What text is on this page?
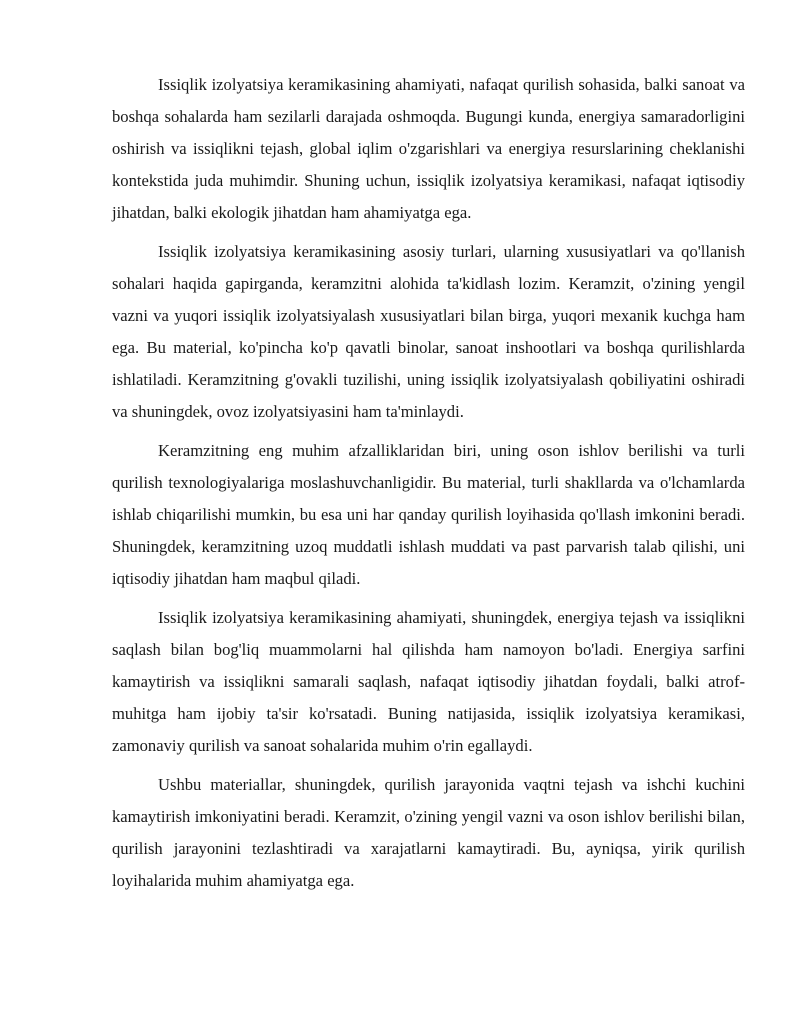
Issiqlik izolyatsiya keramikasining ahamiyati, nafaqat qurilish sohasida, balki sanoat va boshqa sohalarda ham sezilarli darajada oshmoqda. Bugungi kunda, energiya samaradorligini oshirish va issiqlikni tejash, global iqlim o'zgarishlari va energiya resurslarining cheklanishi kontekstida juda muhimdir. Shuning uchun, issiqlik izolyatsiya keramikasi, nafaqat iqtisodiy jihatdan, balki ekologik jihatdan ham ahamiyatga ega.

Issiqlik izolyatsiya keramikasining asosiy turlari, ularning xususiyatlari va qo'llanish sohalari haqida gapirganda, keramzitni alohida ta'kidlash lozim. Keramzit, o'zining yengil vazni va yuqori issiqlik izolyatsiyalash xususiyatlari bilan birga, yuqori mexanik kuchga ham ega. Bu material, ko'pincha ko'p qavatli binolar, sanoat inshootlari va boshqa qurilishlarda ishlatiladi. Keramzitning g'ovakli tuzilishi, uning issiqlik izolyatsiyalash qobiliyatini oshiradi va shuningdek, ovoz izolyatsiyasini ham ta'minlaydi.

Keramzitning eng muhim afzalliklaridan biri, uning oson ishlov berilishi va turli qurilish texnologiyalariga moslashuvchanligidir. Bu material, turli shakllarda va o'lchamlarda ishlab chiqarilishi mumkin, bu esa uni har qanday qurilish loyihasida qo'llash imkonini beradi. Shuningdek, keramzitning uzoq muddatli ishlash muddati va past parvarish talab qilishi, uni iqtisodiy jihatdan ham maqbul qiladi.

Issiqlik izolyatsiya keramikasining ahamiyati, shuningdek, energiya tejash va issiqlikni saqlash bilan bog'liq muammolarni hal qilishda ham namoyon bo'ladi. Energiya sarfini kamaytirish va issiqlikni samarali saqlash, nafaqat iqtisodiy jihatdan foydali, balki atrof-muhitga ham ijobiy ta'sir ko'rsatadi. Buning natijasida, issiqlik izolyatsiya keramikasi, zamonaviy qurilish va sanoat sohalarida muhim o'rin egallaydi.

Ushbu materiallar, shuningdek, qurilish jarayonida vaqtni tejash va ishchi kuchini kamaytirish imkoniyatini beradi. Keramzit, o'zining yengil vazni va oson ishlov berilishi bilan, qurilish jarayonini tezlashtiradi va xarajatlarni kamaytiradi. Bu, ayniqsa, yirik qurilish loyihalarida muhim ahamiyatga ega.
